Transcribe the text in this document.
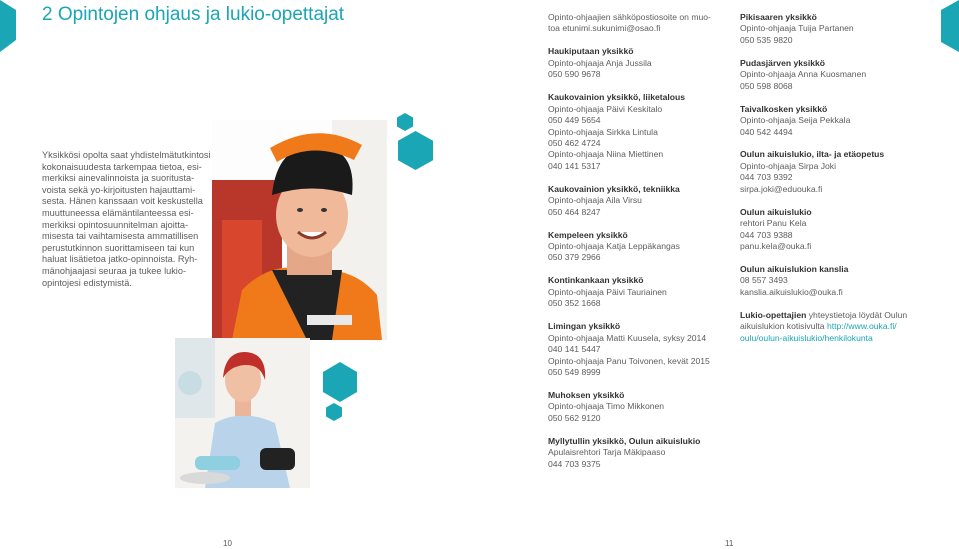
2 Opintojen ohjaus ja lukio-opettajat
Yksikkösi opolta saat yhdistelmätutkintosi
kokonaisuudesta tarkempaa tietoa, esi-
merkiksi ainevalinnoista ja suoritusta-
voista sekä yo-kirjoitusten hajauttami-
sesta. Hänen kanssaan voit keskustella
muuttuneessa elämäntilanteessa esi-
merkiksi opintosuunnitelman ajoitta-
misesta tai vaihtamisesta ammatillisen
perustutkinnon suorittamiseen tai kun
haluat lisätietoa jatko-opinnoista. Ryh-
mänohjaajasi seuraa ja tukee lukio-
opintojesi edistymistä.
Opinto-ohjaajien sähköpostiosoite on muo-
toa etunimi.sukunimi@osao.fi
Haukiputaan yksikkö
Opinto-ohjaaja Anja Jussila
050 590 9678
Kaukovainion yksikkö, liiketalous
Opinto-ohjaaja Päivi Keskitalo
050 449 5654
Opinto-ohjaaja Sirkka Lintula
050 462 4724
Opinto-ohjaaja Niina Miettinen
040 141 5317
Kaukovainion yksikkö, tekniikka
Opinto-ohjaaja Aila Virsu
050 464 8247
Kempeleen yksikkö
Opinto-ohjaaja Katja Leppäkangas
050 379 2966
Kontinkankaan yksikkö
Opinto-ohjaaja Päivi Tauriainen
050 352 1668
Limingan yksikkö
Opinto-ohjaaja Matti Kuusela, syksy 2014
040 141 5447
Opinto-ohjaaja Panu Toivonen, kevät 2015
050 549 8999
Muhoksen yksikkö
Opinto-ohjaaja Timo Mikkonen
050 562 9120
Myllytullin yksikkö, Oulun aikuislukio
Apulaisrehtori Tarja Mäkipaaso
044 703 9375
Pikisaaren yksikkö
Opinto-ohjaaja Tuija Partanen
050 535 9820
Pudasjärven yksikkö
Opinto-ohjaaja Anna Kuosmanen
050 598 8068
Taivalkosken yksikkö
Opinto-ohjaaja Seija Pekkala
040 542 4494
Oulun aikuislukio, ilta- ja etäopetus
Opinto-ohjaaja Sirpa Joki
044 703 9392
sirpa.joki@eduouka.fi
Oulun aikuislukio
rehtori Panu Kela
044 703 9388
panu.kela@ouka.fi
Oulun aikuislukion kanslia
08 557 3493
kanslia.aikuislukio@ouka.fi
Lukio-opettajien yhteystietoja löydät Oulun
aikuislukion kotisivulta http://www.ouka.fi/
oulu/oulun-aikuislukio/henkilokunta
10	11
